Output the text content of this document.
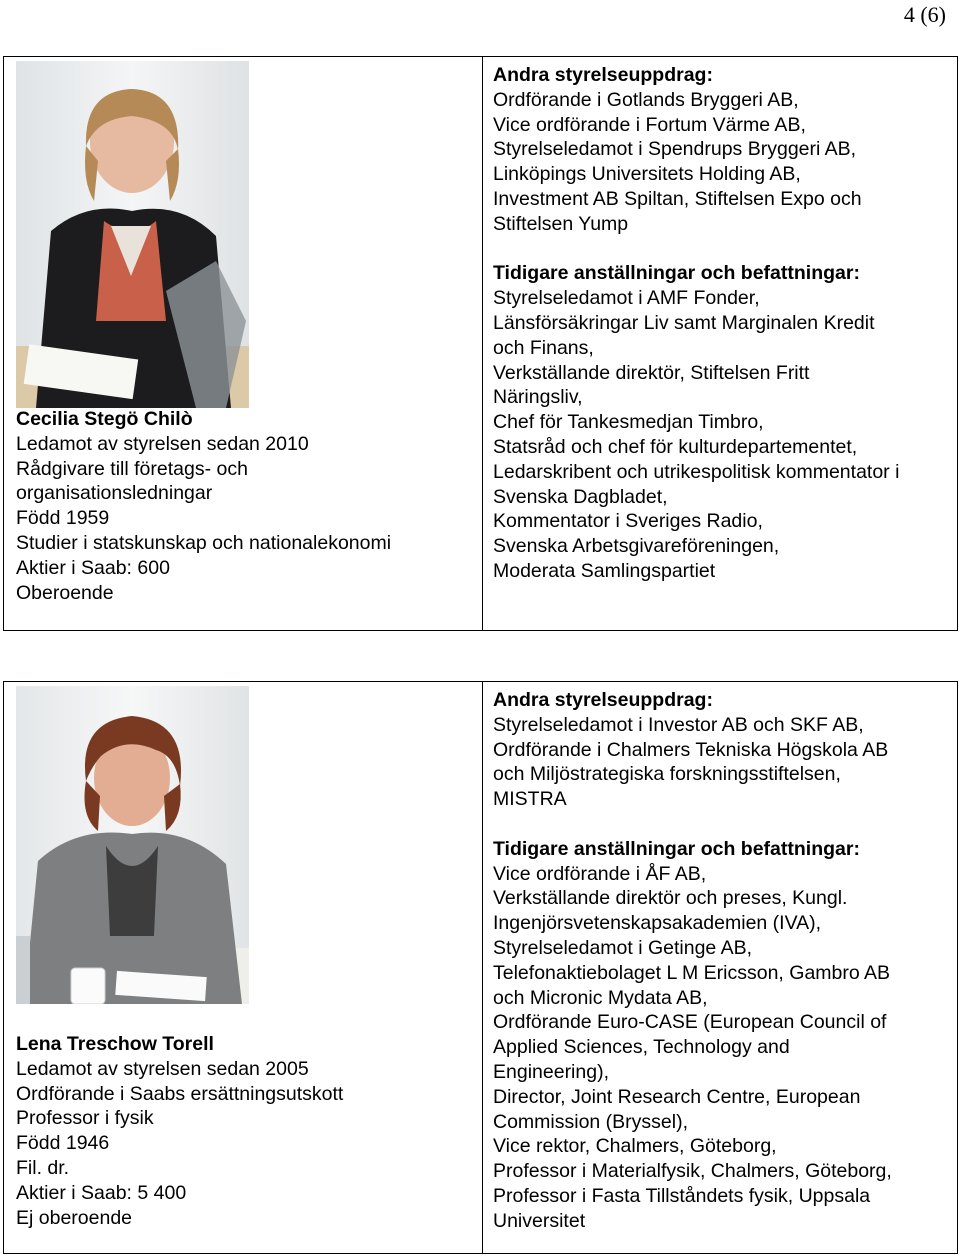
4 (6)
Cecilia Stegö Chilò
Ledamot av styrelsen sedan 2010
Rådgivare till företags- och
organisationsledningar
Född 1959
Studier i statskunskap och nationalekonomi
Aktier i Saab: 600
Oberoende
Andra styrelseuppdrag:
Ordförande i Gotlands Bryggeri AB,
Vice ordförande i Fortum Värme AB,
Styrelseledamot i Spendrups Bryggeri AB,
Linköpings Universitets Holding AB,
Investment AB Spiltan, Stiftelsen Expo och
Stiftelsen Yump
Tidigare anställningar och befattningar:
Styrelseledamot i AMF Fonder,
Länsförsäkringar Liv samt Marginalen Kredit
och Finans,
Verkställande direktör, Stiftelsen Fritt
Näringsliv,
Chef för Tankesmedjan Timbro,
Statsråd och chef för kulturdepartementet,
Ledarskribent och utrikespolitisk kommentator i
Svenska Dagbladet,
Kommentator i Sveriges Radio,
Svenska Arbetsgivareföreningen,
Moderata Samlingspartiet
Lena Treschow Torell
Ledamot av styrelsen sedan 2005
Ordförande i Saabs ersättningsutskott
Professor i fysik
Född 1946
Fil. dr.
Aktier i Saab: 5 400
Ej oberoende
Andra styrelseuppdrag:
Styrelseledamot i Investor AB och SKF AB,
Ordförande i Chalmers Tekniska Högskola AB
och Miljöstrategiska forskningsstiftelsen,
MISTRA
Tidigare anställningar och befattningar:
Vice ordförande i ÅF AB,
Verkställande direktör och preses, Kungl.
Ingenjörsvetenskapsakademien (IVA),
Styrelseledamot i Getinge AB,
Telefonaktiebolaget L M Ericsson, Gambro AB
och Micronic Mydata AB,
Ordförande Euro-CASE (European Council of
Applied Sciences, Technology and
Engineering),
Director, Joint Research Centre, European
Commission (Bryssel),
Vice rektor, Chalmers, Göteborg,
Professor i Materialfysik, Chalmers, Göteborg,
Professor i Fasta Tillståndets fysik, Uppsala
Universitet
